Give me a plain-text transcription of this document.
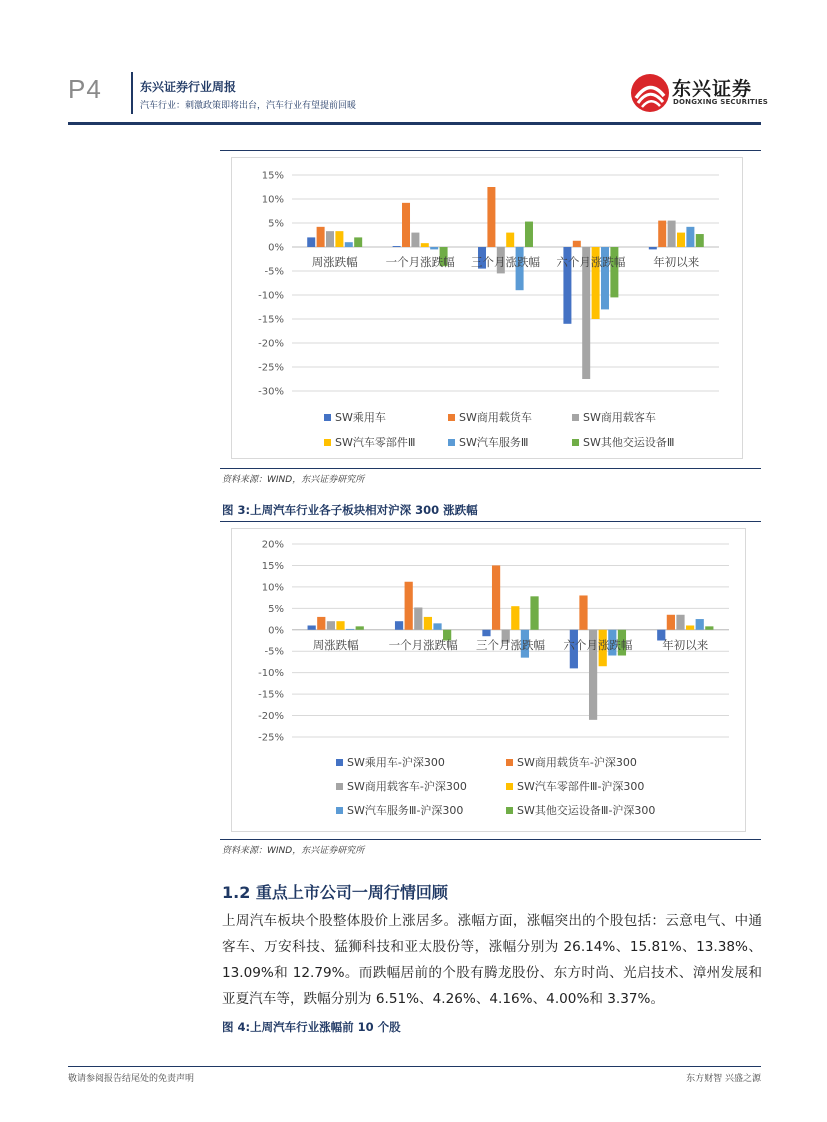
P4	东兴证券行业周报
汽车行业：刺激政策即将出台，汽车行业有望提前回暖
东兴证券
DONGXING SECURITIES
15%
10%
5%
0%
-5%
-10%
-15%
-20%
-25%
-30%
周涨跌幅 一个月涨跌幅 三个月涨跌幅 六个月涨跌幅 年初以来
SW乘用车	SW商用载货车	SW商用载客车
SW汽车零部件Ⅲ	SW汽车服务Ⅲ	SW其他交运设备Ⅲ
资料来源：WIND，东兴证券研究所
图 3:上周汽车行业各子板块相对沪深 300 涨跌幅
20%
15%
10%
5%
0%
-5%
-10%
-15%
-20%
-25%
周涨跌幅	一个月涨跌幅 三个月涨跌幅 六个月涨跌幅	年初以来
SW乘用车-沪深300	SW商用载货车-沪深300
SW商用载客车-沪深300	SW汽车零部件Ⅲ-沪深300
SW汽车服务Ⅲ-沪深300	SW其他交运设备Ⅲ-沪深300
资料来源：WIND，东兴证券研究所
1.2 重点上市公司一周行情回顾
上周汽车板块个股整体股价上涨居多。涨幅方面，涨幅突出的个股包括：云意电气、中通客车、万安科技、猛狮科技和亚太股份等，涨幅分别为 26.14%、15.81%、13.38%、13.09%和 12.79%。而跌幅居前的个股有腾龙股份、东方时尚、光启技术、漳州发展和亚夏汽车等，跌幅分别为 6.51%、4.26%、4.16%、4.00%和 3.37%。
图 4:上周汽车行业涨幅前 10 个股
敬请参阅报告结尾处的免责声明	东方财智 兴盛之源
